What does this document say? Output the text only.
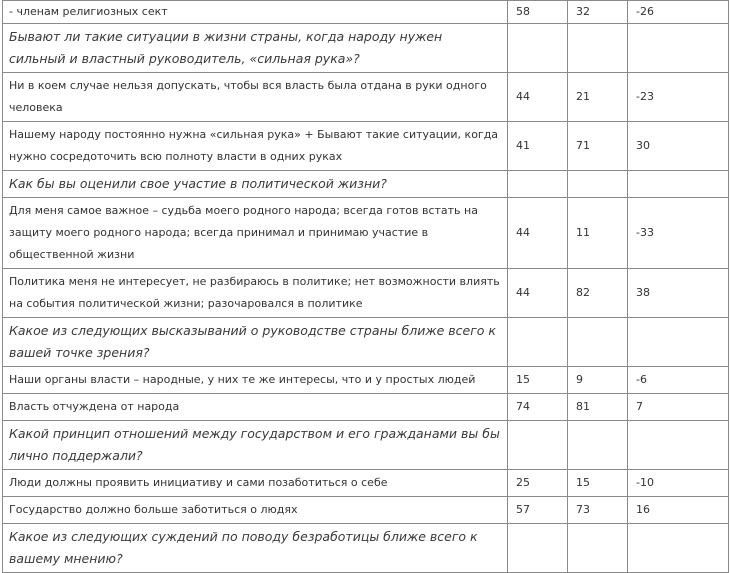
- членам религиозных сект	58	32	-26
Бывают ли такие ситуации в жизни страны, когда народу нужен сильный и властный руководитель, «сильная рука»?			
Ни в коем случае нельзя допускать, чтобы вся власть была отдана в руки одного человека	44	21	-23
Нашему народу постоянно нужна «сильная рука» + Бывают такие ситуации, когда нужно сосредоточить всю полноту власти в одних руках	41	71	30
Как бы вы оценили свое участие в политической жизни?			
Для меня самое важное – судьба моего родного народа; всегда готов встать на защиту моего родного народа; всегда принимал и принимаю участие в общественной жизни	44	11	-33
Политика меня не интересует, не разбираюсь в политике; нет возможности влиять на события политической жизни; разочаровался в политике	44	82	38
Какое из следующих высказываний о руководстве страны ближе всего к вашей точке зрения?			
Наши органы власти – народные, у них те же интересы, что и у простых людей	15	9	-6
Власть отчуждена от народа	74	81	7
Какой принцип отношений между государством и его гражданами вы бы лично поддержали?			
Люди должны проявить инициативу и сами позаботиться о себе	25	15	-10
Государство должно больше заботиться о людях	57	73	16
Какое из следующих суждений по поводу безработицы ближе всего к вашему мнению?			
